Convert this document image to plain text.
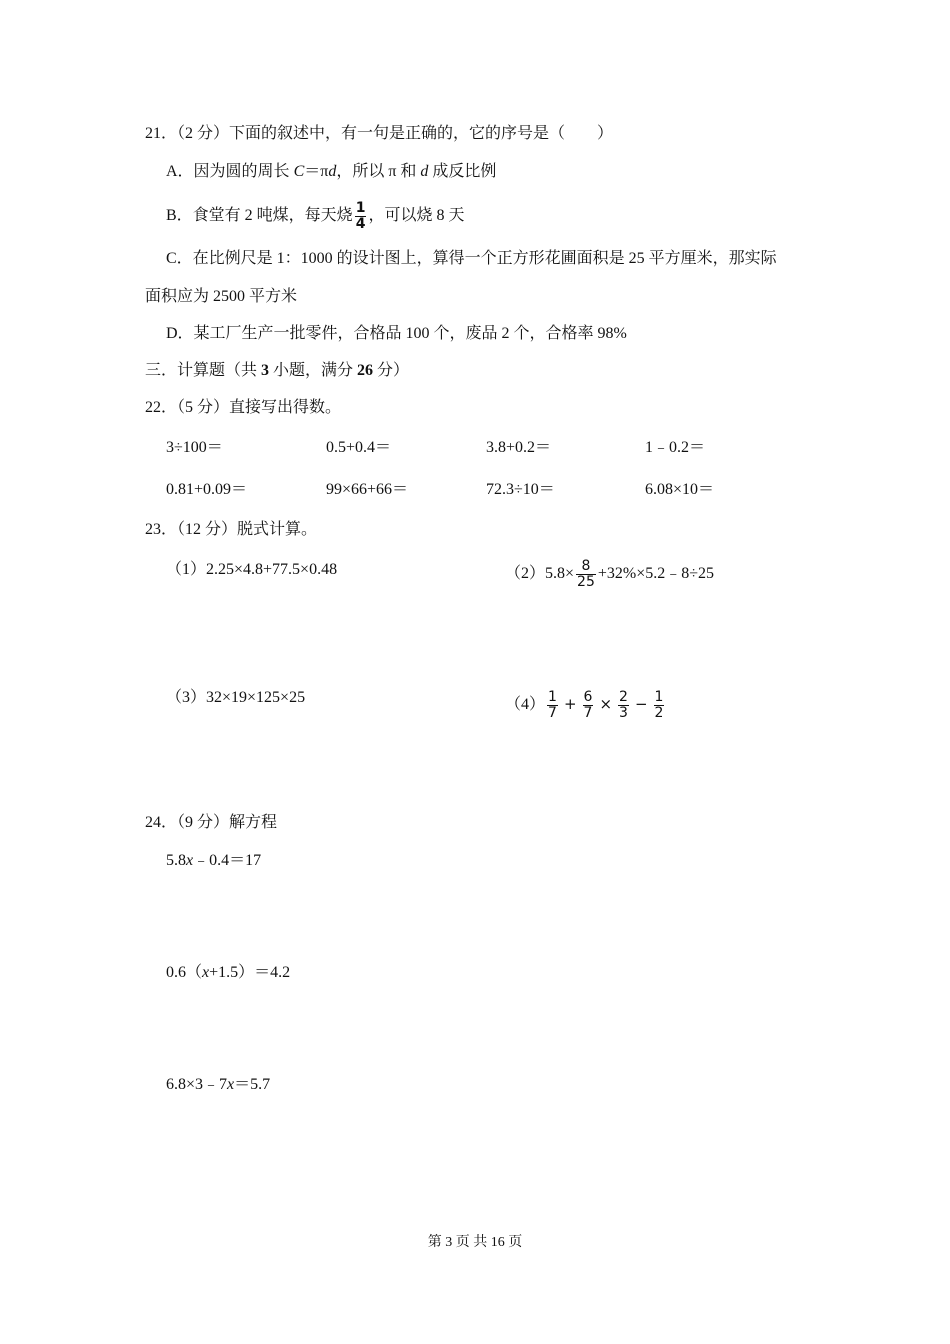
21．（2 分）下面的叙述中，有一句是正确的，它的序号是（　　）
A．因为圆的周长 C＝πd，所以 π 和 d 成反比例
B．食堂有 2 吨煤，每天烧 $\frac{1}{4}$ ，可以烧 8 天
C．在比例尺是 1：1000 的设计图上，算得一个正方形花圃面积是 25 平方厘米，那实际
面积应为 2500 平方米
D．某工厂生产一批零件，合格品 100 个，废品 2 个，合格率 98%
三．计算题（共 3 小题，满分 26 分）
22．（5 分）直接写出得数。
3÷100＝	0.5+0.4＝	3.8+0.2＝	1﹣0.2＝
0.81+0.09＝	99×66+66＝	72.3÷10＝	6.08×10＝
23．（12 分）脱式计算。
（1）2.25×4.8+77.5×0.48	$(2)5.8\times \frac{8}{25}$ +32%×5.2﹣8÷25
（3）32×19×125×25	$(4) \frac{1}{7} + \frac{6}{7} \times \frac{2}{3} - \frac{1}{2}$
24．（9 分）解方程
5.8x﹣0.4＝17
0.6（x+1.5）＝4.2
6.8×3﹣7x＝5.7
第 3 页 共 16 页
